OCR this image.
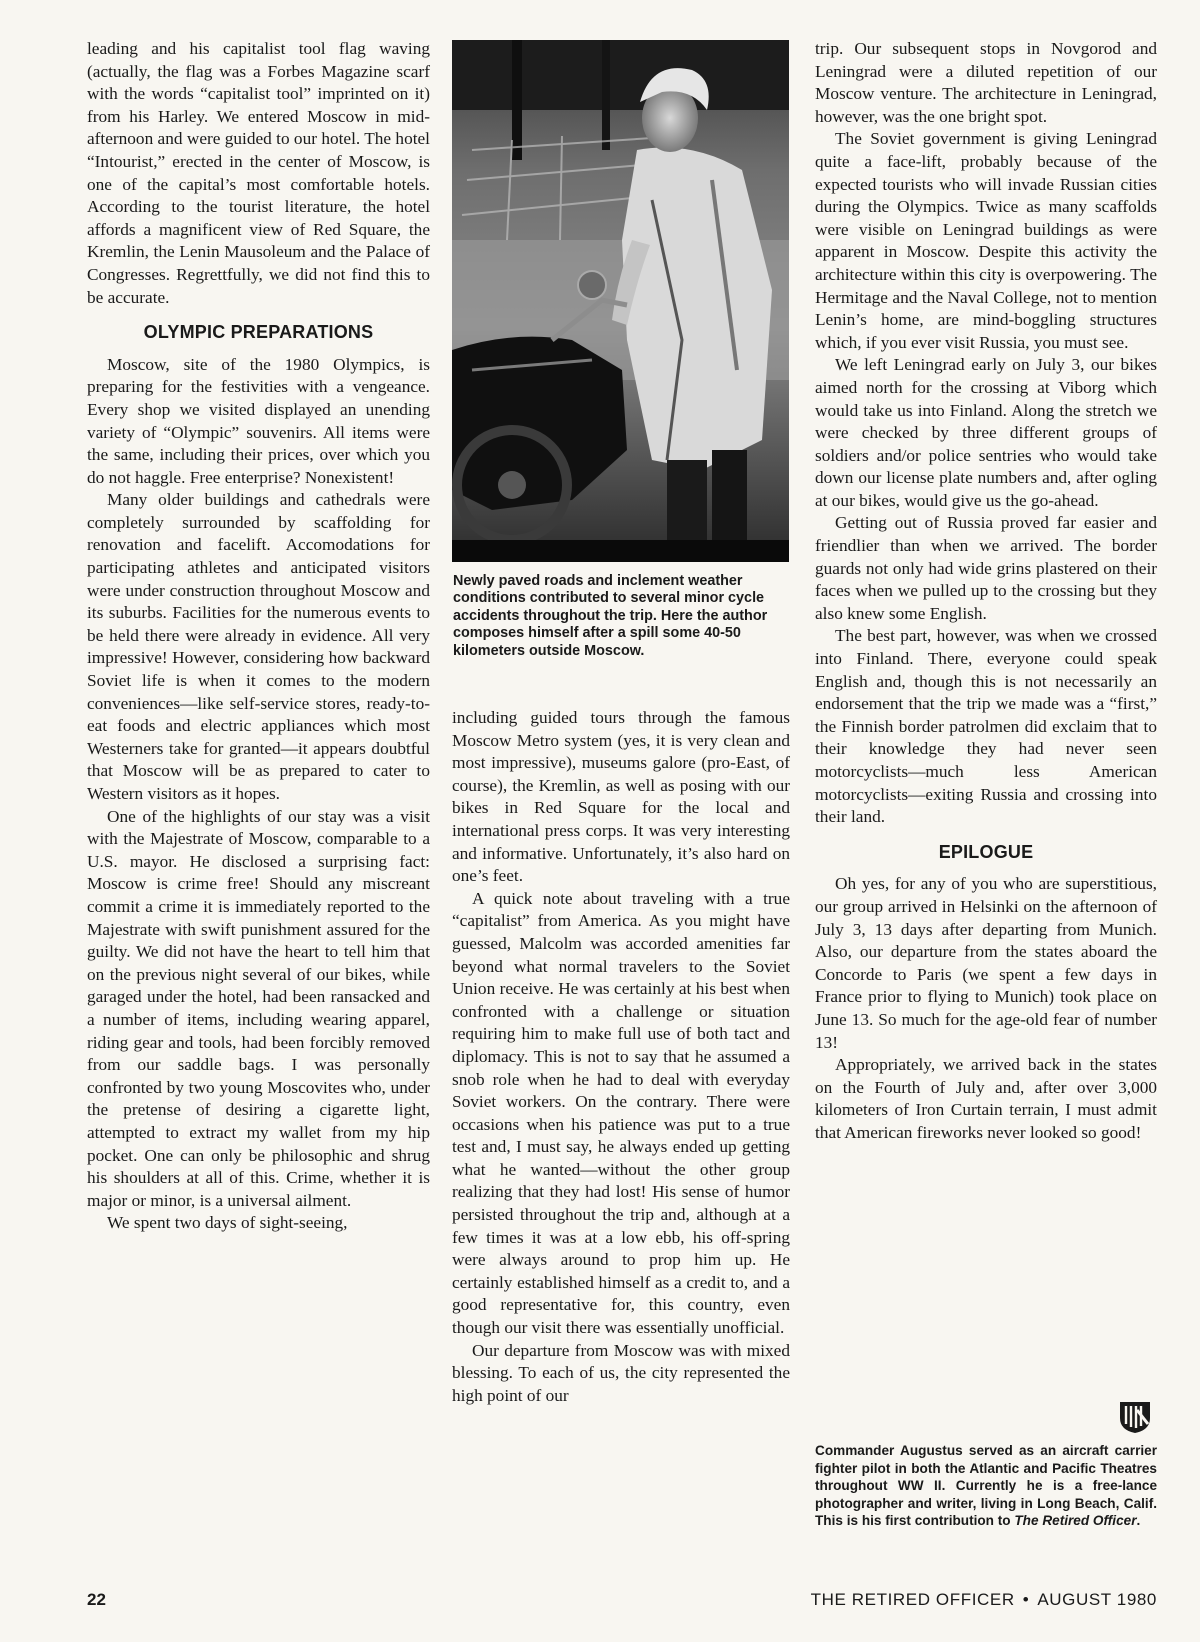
leading and his capitalist tool flag waving (actually, the flag was a Forbes Magazine scarf with the words “capitalist tool” imprinted on it) from his Harley. We entered Moscow in mid-afternoon and were guided to our hotel. The hotel “Intourist,” erected in the center of Moscow, is one of the capital’s most comfortable hotels. According to the tourist literature, the hotel affords a magnificent view of Red Square, the Kremlin, the Lenin Mausoleum and the Palace of Congresses. Regrettfully, we did not find this to be accurate.

OLYMPIC PREPARATIONS

Moscow, site of the 1980 Olympics, is preparing for the festivities with a vengeance. Every shop we visited displayed an unending variety of “Olympic” souvenirs. All items were the same, including their prices, over which you do not haggle. Free enterprise? Nonexistent!

Many older buildings and cathedrals were completely surrounded by scaffolding for renovation and facelift. Accomodations for participating athletes and anticipated visitors were under construction throughout Moscow and its suburbs. Facilities for the numerous events to be held there were already in evidence. All very impressive! However, considering how backward Soviet life is when it comes to the modern conveniences—like self-service stores, ready-to-eat foods and electric appliances which most Westerners take for granted—it appears doubtful that Moscow will be as prepared to cater to Western visitors as it hopes.

One of the highlights of our stay was a visit with the Majestrate of Moscow, comparable to a U.S. mayor. He disclosed a surprising fact: Moscow is crime free! Should any miscreant commit a crime it is immediately reported to the Majestrate with swift punishment assured for the guilty. We did not have the heart to tell him that on the previous night several of our bikes, while garaged under the hotel, had been ransacked and a number of items, including wearing apparel, riding gear and tools, had been forcibly removed from our saddle bags. I was personally confronted by two young Moscovites who, under the pretense of desiring a cigarette light, attempted to extract my wallet from my hip pocket. One can only be philosophic and shrug his shoulders at all of this. Crime, whether it is major or minor, is a universal ailment.

We spent two days of sight-seeing,

Newly paved roads and inclement weather conditions contributed to several minor cycle accidents throughout the trip. Here the author composes himself after a spill some 40-50 kilometers outside Moscow.

including guided tours through the famous Moscow Metro system (yes, it is very clean and most impressive), museums galore (pro-East, of course), the Kremlin, as well as posing with our bikes in Red Square for the local and international press corps. It was very interesting and informative. Unfortunately, it’s also hard on one’s feet.

A quick note about traveling with a true “capitalist” from America. As you might have guessed, Malcolm was accorded amenities far beyond what normal travelers to the Soviet Union receive. He was certainly at his best when confronted with a challenge or situation requiring him to make full use of both tact and diplomacy. This is not to say that he assumed a snob role when he had to deal with everyday Soviet workers. On the contrary. There were occasions when his patience was put to a true test and, I must say, he always ended up getting what he wanted—without the other group realizing that they had lost! His sense of humor persisted throughout the trip and, although at a few times it was at a low ebb, his off-spring were always around to prop him up. He certainly established himself as a credit to, and a good representative for, this country, even though our visit there was essentially unofficial.

Our departure from Moscow was with mixed blessing. To each of us, the city represented the high point of our

trip. Our subsequent stops in Novgorod and Leningrad were a diluted repetition of our Moscow venture. The architecture in Leningrad, however, was the one bright spot.

The Soviet government is giving Leningrad quite a face-lift, probably because of the expected tourists who will invade Russian cities during the Olympics. Twice as many scaffolds were visible on Leningrad buildings as were apparent in Moscow. Despite this activity the architecture within this city is overpowering. The Hermitage and the Naval College, not to mention Lenin’s home, are mind-boggling structures which, if you ever visit Russia, you must see.

We left Leningrad early on July 3, our bikes aimed north for the crossing at Viborg which would take us into Finland. Along the stretch we were checked by three different groups of soldiers and/or police sentries who would take down our license plate numbers and, after ogling at our bikes, would give us the go-ahead.

Getting out of Russia proved far easier and friendlier than when we arrived. The border guards not only had wide grins plastered on their faces when we pulled up to the crossing but they also knew some English.

The best part, however, was when we crossed into Finland. There, everyone could speak English and, though this is not necessarily an endorsement that the trip we made was a “first,” the Finnish border patrolmen did exclaim that to their knowledge they had never seen motorcyclists—much less American motorcyclists—exiting Russia and crossing into their land.

EPILOGUE

Oh yes, for any of you who are superstitious, our group arrived in Helsinki on the afternoon of July 3, 13 days after departing from Munich. Also, our departure from the states aboard the Concorde to Paris (we spent a few days in France prior to flying to Munich) took place on June 13. So much for the age-old fear of number 13!

Appropriately, we arrived back in the states on the Fourth of July and, after over 3,000 kilometers of Iron Curtain terrain, I must admit that American fireworks never looked so good!

Commander Augustus served as an aircraft carrier fighter pilot in both the Atlantic and Pacific Theatres throughout WW II. Currently he is a free-lance photographer and writer, living in Long Beach, Calif. This is his first contribution to The Retired Officer.
22	THE RETIRED OFFICER • AUGUST 1980
